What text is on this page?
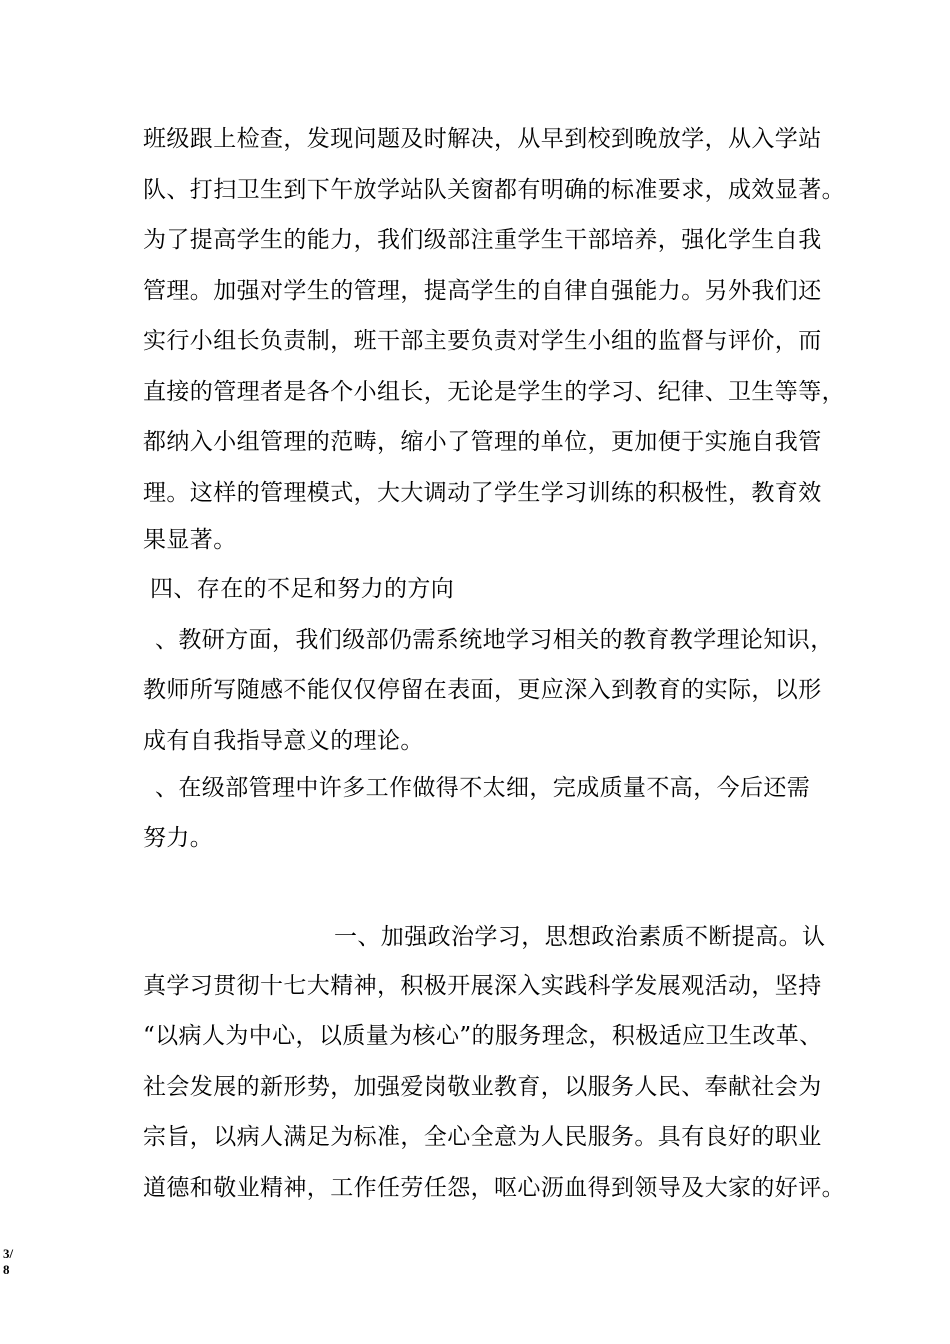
班级跟上检查，发现问题及时解决，从早到校到晚放学，从入学站
队、打扫卫生到下午放学站队关窗都有明确的标准要求，成效显著。
为了提高学生的能力，我们级部注重学生干部培养，强化学生自我
管理。加强对学生的管理，提高学生的自律自强能力。另外我们还
实行小组长负责制，班干部主要负责对学生小组的监督与评价，而
直接的管理者是各个小组长，无论是学生的学习、纪律、卫生等等，
都纳入小组管理的范畴，缩小了管理的单位，更加便于实施自我管
理。这样的管理模式，大大调动了学生学习训练的积极性，教育效
果显著。
四、存在的不足和努力的方向
、教研方面，我们级部仍需系统地学习相关的教育教学理论知识，
教师所写随感不能仅仅停留在表面，更应深入到教育的实际，以形
成有自我指导意义的理论。
、在级部管理中许多工作做得不太细，完成质量不高，今后还需
努力。
一、加强政治学习，思想政治素质不断提高。认
真学习贯彻十七大精神，积极开展深入实践科学发展观活动，坚持
“以病人为中心，以质量为核心”的服务理念，积极适应卫生改革、
社会发展的新形势，加强爱岗敬业教育，以服务人民、奉献社会为
宗旨，以病人满足为标准，全心全意为人民服务。具有良好的职业
道德和敬业精神，工作任劳任怨，呕心沥血得到领导及大家的好评。
3/
8
